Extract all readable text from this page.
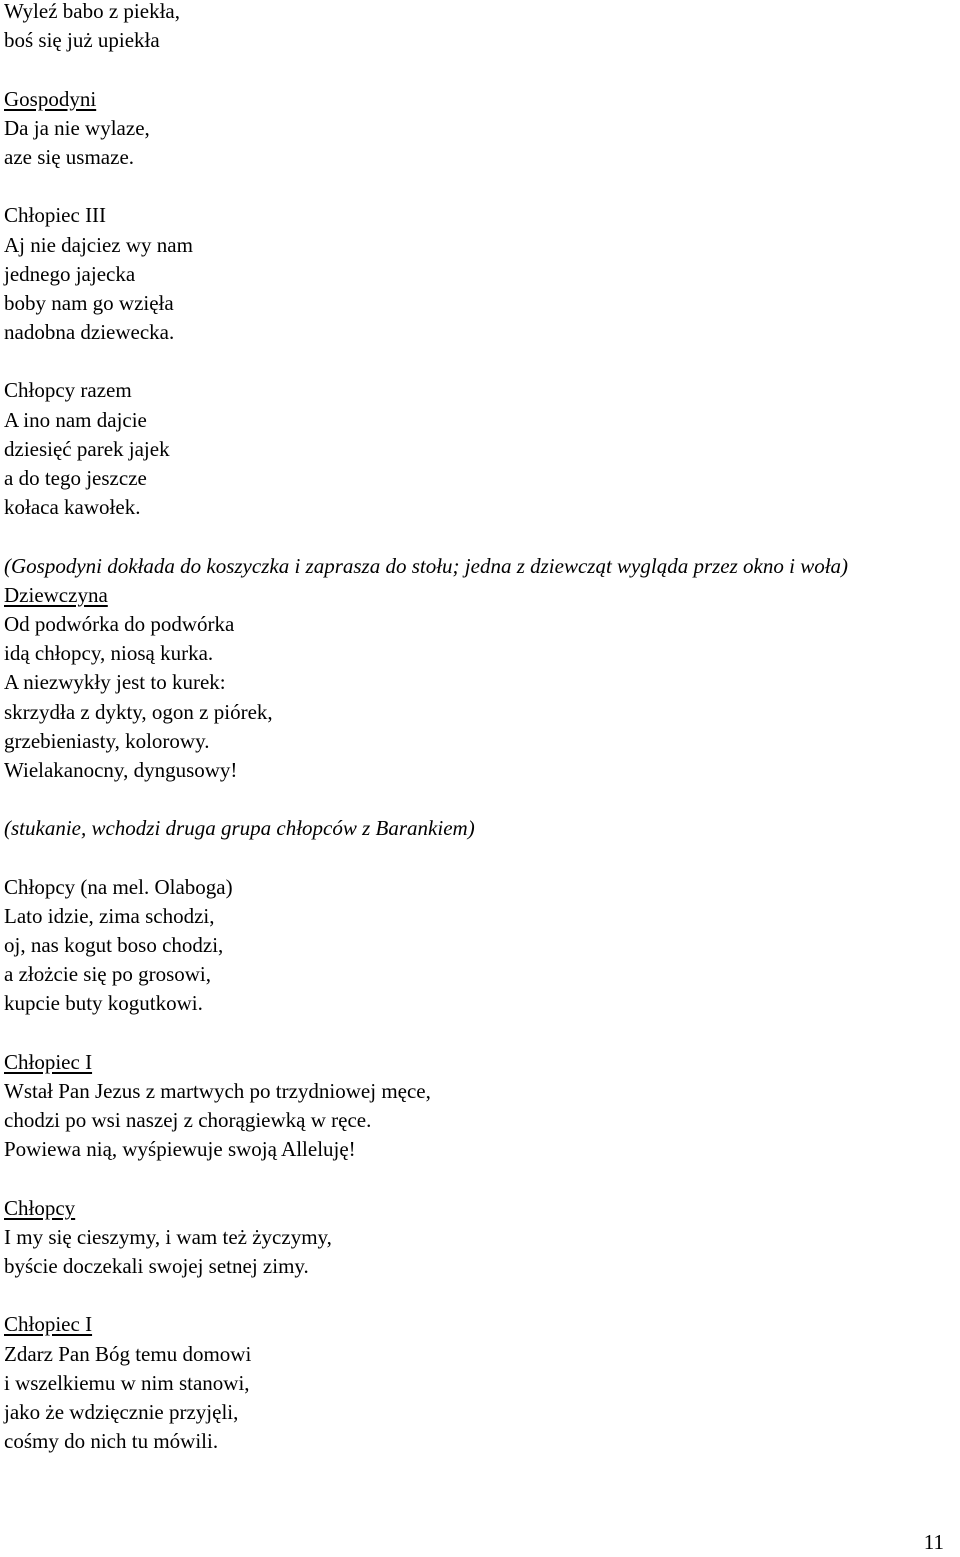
Wyleź babo z piekła,
boś się już upiekła
Gospodyni
Da ja nie wylaze,
aze się usmaze.
Chłopiec III
Aj nie dajciez wy nam
jednego jajecka
boby nam go wzięła
nadobna dziewecka.
Chłopcy razem
A ino nam dajcie
dziesięć parek jajek
a do tego jeszcze
kołaca kawołek.
(Gospodyni dokłada do koszyczka i zaprasza do stołu; jedna z dziewcząt wygląda przez okno i woła)
Dziewczyna
Od podwórka do podwórka
idą chłopcy, niosą kurka.
A niezwykły jest to kurek:
skrzydła z dykty, ogon z piórek,
grzebieniasty, kolorowy.
Wielakanocny, dyngusowy!
(stukanie, wchodzi druga grupa chłopców z Barankiem)
Chłopcy (na mel. Olaboga)
Lato idzie, zima schodzi,
oj, nas kogut boso chodzi,
a złożcie się po grosowi,
kupcie buty kogutkowi.
Chłopiec I
Wstał Pan Jezus z martwych po trzydniowej męce,
chodzi po wsi naszej z chorągiewką w ręce.
Powiewa nią, wyśpiewuje swoją Alleluję!
Chłopcy
I my się cieszymy, i wam też życzymy,
byście doczekali swojej setnej zimy.
Chłopiec I
Zdarz Pan Bóg temu domowi
i wszelkiemu w nim stanowi,
jako że wdzięcznie przyjęli,
cośmy do nich tu mówili.
11
